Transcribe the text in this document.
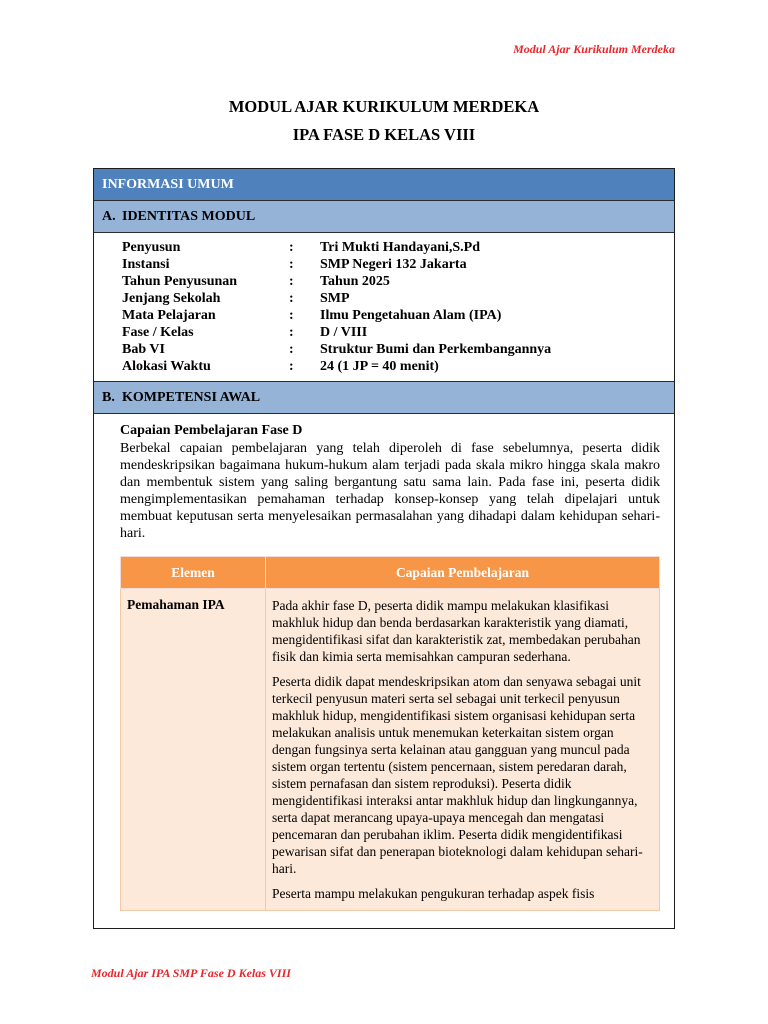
Modul Ajar Kurikulum Merdeka
MODUL AJAR KURIKULUM MERDEKA
IPA FASE D KELAS VIII
INFORMASI UMUM
A. IDENTITAS MODUL
Penyusun	:	Tri Mukti Handayani,S.Pd
Instansi	:	SMP Negeri 132 Jakarta
Tahun Penyusunan	:	Tahun 2025
Jenjang Sekolah	:	SMP
Mata Pelajaran	:	Ilmu Pengetahuan Alam (IPA)
Fase / Kelas	:	D / VIII
Bab VI	:	Struktur Bumi dan Perkembangannya
Alokasi Waktu	:	24 (1 JP = 40 menit)
B. KOMPETENSI AWAL
Capaian Pembelajaran Fase D

Berbekal capaian pembelajaran yang telah diperoleh di fase sebelumnya, peserta didik mendeskripsikan bagaimana hukum-hukum alam terjadi pada skala mikro hingga skala makro dan membentuk sistem yang saling bergantung satu sama lain. Pada fase ini, peserta didik mengimplementasikan pemahaman terhadap konsep-konsep yang telah dipelajari untuk membuat keputusan serta menyelesaikan permasalahan yang dihadapi dalam kehidupan sehari-hari.

Elemen	Capaian Pembelajaran
Pemahaman IPA	Pada akhir fase D, peserta didik mampu melakukan klasifikasi makhluk hidup dan benda berdasarkan karakteristik yang diamati, mengidentifikasi sifat dan karakteristik zat, membedakan perubahan fisik dan kimia serta memisahkan campuran sederhana.

Peserta didik dapat mendeskripsikan atom dan senyawa sebagai unit terkecil penyusun materi serta sel sebagai unit terkecil penyusun makhluk hidup, mengidentifikasi sistem organisasi kehidupan serta melakukan analisis untuk menemukan keterkaitan sistem organ dengan fungsinya serta kelainan atau gangguan yang muncul pada sistem organ tertentu (sistem pencernaan, sistem peredaran darah, sistem pernafasan dan sistem reproduksi). Peserta didik mengidentifikasi interaksi antar makhluk hidup dan lingkungannya, serta dapat merancang upaya-upaya mencegah dan mengatasi pencemaran dan perubahan iklim. Peserta didik mengidentifikasi pewarisan sifat dan penerapan bioteknologi dalam kehidupan sehari-hari.

Peserta mampu melakukan pengukuran terhadap aspek fisis

Modul Ajar IPA SMP Fase D Kelas VIII
